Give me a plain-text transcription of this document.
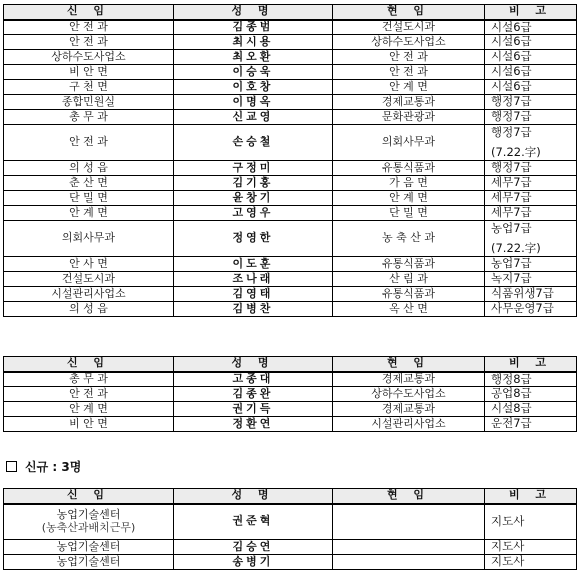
신 임	성 명	현 임	비 고
안 전 과	김종범	건설도시과	시설6급
안 전 과	최시용	상하수도사업소	시설6급
상하수도사업소	최오환	안 전 과	시설6급
비 안 면	이승욱	안 전 과	시설6급
구 천 면	이호창	안 계 면	시설6급
종합민원실	이명옥	경제교통과	행정7급
총 무 과	신교영	문화관광과	행정7급
안 전 과	손승철	의회사무과	행정7급
(7.22.字)

의 성 읍	구정미	유통식품과	행정7급
춘 산 면	김기홍	가 음 면	세무7급
단 밀 면	윤창기	안 계 면	세무7급
안 계 면	고영우	단 밀 면	세무7급
의회사무과	정영한	농 축 산 과	농업7급
(7.22.字)

안 사 면	이도훈	유통식품과	농업7급
건설도시과	조나래	산 림 과	녹지7급
시설관리사업소	김영태	유통식품과	식품위생7급
의 성 읍	김병찬	옥 산 면	사무운영7급
신 임	성 명	현 임	비 고
총 무 과	고종대	경제교통과	행정8급
안 전 과	김종완	상하수도사업소	공업8급
안 계 면	권기득	경제교통과	시설8급
비 안 면	정환연	시설관리사업소	운전7급
신규 : 3명
신 임	성 명	현 임	비 고
농업기술센터
(농축산과배치근무)	권준혁		지도사
농업기술센터	김승연		지도사
농업기술센터	송병기		지도사
